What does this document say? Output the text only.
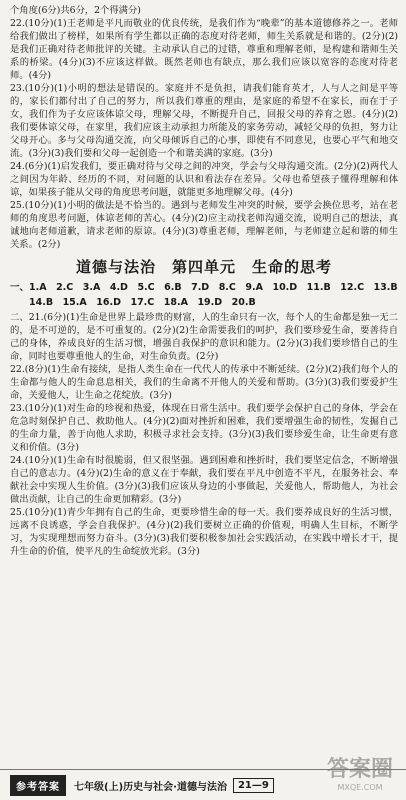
个角度(6分)共6分，2个得满分)

22.(10分)(1)王老师是平凡而敬业的优良传统，是我们作为“晚辈”的基本道德修养之一。老师给我们做出了榜样，如果所有学生都以正确的态度对待老师，师生关系就是和谐的。(2分)(2)是我们正确对待老师批评的关键。主动承认自己的过错，尊重和理解老师，是构建和谐师生关系的桥梁。(4分)(3)不应该这样做。既然老师也有缺点，那么我们应该以宽容的态度对待老师。(4分)

23.(10分)(1)小明的想法是错误的。家庭并不是负担，请我们能育英才，人与人之间是平等的，家长们都付出了自己的努力，所以我们尊重的理由，是家庭的希望不在家长，而在于子女，我们作为子女应该体谅父母，理解父母，不断提升自己，回报父母的养育之恩。(4分)(2)我们要体谅父母，在家里，我们应该主动承担力所能及的家务劳动，减轻父母的负担，努力让父母开心。多与父母沟通交流，向父母倾诉自己的心事，即使有不同意见，也要心平气和地交流。(3分)(3)我们要和父母一起创造一个和谐美满的家庭。(3分)

24.(6分)(1)启发我们，要正确对待与父母之间的冲突，学会与父母沟通交流。(2分)(2)两代人之间因为年龄、经历的不同，对问题的认识和看法存在差异。父母也希望孩子懂得理解和体谅，如果孩子能从父母的角度思考问题，就能更多地理解父母。(4分)

25.(10分)(1)小明的做法是不恰当的。遇到与老师发生冲突的时候，要学会换位思考，站在老师的角度思考问题，体谅老师的苦心。(4分)(2)应主动找老师沟通交流，说明自己的想法，真诚地向老师道歉，请求老师的原谅。(4分)(3)尊重老师，理解老师，与老师建立起和谐的师生关系。(2分)

道德与法治　第四单元　生命的思考

一、1.A　2.C　3.A　4.D　5.C　6.B　7.D　8.C　9.A　10.D　11.B　12.C　13.B

　　14.B　15.A　16.D　17.C　18.A　19.D　20.B

二、21.(6分)(1)生命是世界上最珍贵的财富，人的生命只有一次，每个人的生命都是独一无二的，是不可逆的，是不可重复的。(2分)(2)生命需要我们的呵护，我们要珍爱生命，要善待自己的身体，养成良好的生活习惯，增强自我保护的意识和能力。(2分)(3)我们要珍惜自己的生命，同时也要尊重他人的生命，对生命负责。(2分)

22.(8分)(1)生命有接续，是指人类生命在一代代人的传承中不断延续。(2分)(2)我们每个人的生命都与他人的生命息息相关，我们的生命离不开他人的关爱和帮助。(3分)(3)我们要爱护生命，关爱他人，让生命之花绽放。(3分)

23.(10分)(1)对生命的珍视和热爱，体现在日常生活中。我们要学会保护自己的身体，学会在危急时刻保护自己、救助他人。(4分)(2)面对挫折和困难，我们要增强生命的韧性，发掘自己的生命力量，善于向他人求助，积极寻求社会支持。(3分)(3)我们要珍爱生命，让生命更有意义和价值。(3分)

24.(10分)(1)生命有时很脆弱，但又很坚强。遇到困难和挫折时，我们要坚定信念，不断增强自己的意志力。(4分)(2)生命的意义在于奉献，我们要在平凡中创造不平凡，在服务社会、奉献社会中实现人生价值。(3分)(3)我们应该从身边的小事做起，关爱他人，帮助他人，为社会做出贡献，让自己的生命更加精彩。(3分)

25.(10分)(1)青少年拥有自己的生命，更要珍惜生命的每一天。我们要养成良好的生活习惯，远离不良诱惑，学会自我保护。(4分)(2)我们要树立正确的价值观，明确人生目标，不断学习，为实现理想而努力奋斗。(3分)(3)我们要积极参加社会实践活动，在实践中增长才干，提升生命的价值，使平凡的生命绽放光彩。(3分)

参考答案	七年级(上)历史与社会·道德与法治	21—9
答案圈
MXQE.COM
